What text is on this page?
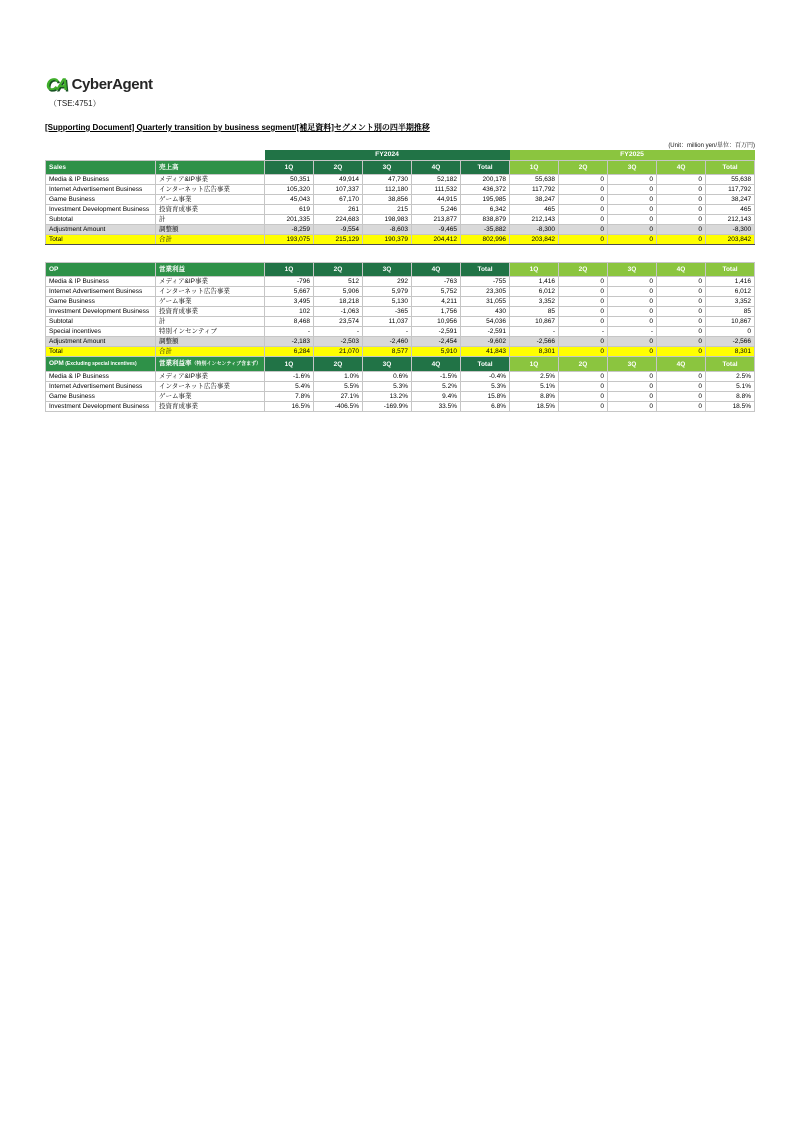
CA CyberAgent
（TSE:4751）
[Supporting Document] Quarterly transition by business segment/[補足資料]セグメント別の四半期推移
(Unit：million yen/単位：百万円)
		FY2024					FY2025				
Sales	売上高	1Q	2Q	3Q	4Q	Total	1Q	2Q	3Q	4Q	Total
Media & IP Business	メディア&IP事業	50,351	49,914	47,730	52,182	200,178	55,638	0	0	0	55,638
Internet Advertisement Business	インターネット広告事業	105,320	107,337	112,180	111,532	436,372	117,792	0	0	0	117,792
Game Business	ゲーム事業	45,043	67,170	38,856	44,915	195,985	38,247	0	0	0	38,247
Investment Development Business	投資育成事業	619	261	215	5,246	6,342	465	0	0	0	465
Subtotal	計	201,335	224,683	198,983	213,877	838,879	212,143	0	0	0	212,143
Adjustment Amount	調整額	-8,259	-9,554	-8,603	-9,465	-35,882	-8,300	0	0	0	-8,300
Total	合計	193,075	215,129	190,379	204,412	802,996	203,842	0	0	0	203,842
OP	営業利益	1Q	2Q	3Q	4Q	Total	1Q	2Q	3Q	4Q	Total
Media & IP Business	メディア&IP事業	-796	512	292	-763	-755	1,416	0	0	0	1,416
Internet Advertisement Business	インターネット広告事業	5,667	5,906	5,979	5,752	23,305	6,012	0	0	0	6,012
Game Business	ゲーム事業	3,495	18,218	5,130	4,211	31,055	3,352	0	0	0	3,352
Investment Development Business	投資育成事業	102	-1,063	-365	1,756	430	85	0	0	0	85
Subtotal	計	8,468	23,574	11,037	10,956	54,036	10,867	0	0	0	10,867
Special incentives	特別インセンティブ	-	-	-	-2,591	-2,591	-	-	-	0	0
Adjustment Amount	調整額	-2,183	-2,503	-2,460	-2,454	-9,602	-2,566	0	0	0	-2,566
Total	合計	6,284	21,070	8,577	5,910	41,843	8,301	0	0	0	8,301
OPM (Excluding special incentives)	営業利益率（特別インセンティブ含まず）	1Q	2Q	3Q	4Q	Total	1Q	2Q	3Q	4Q	Total
Media & IP Business	メディア&IP事業	-1.6%	1.0%	0.6%	-1.5%	-0.4%	2.5%	0	0	0	2.5%
Internet Advertisement Business	インターネット広告事業	5.4%	5.5%	5.3%	5.2%	5.3%	5.1%	0	0	0	5.1%
Game Business	ゲーム事業	7.8%	27.1%	13.2%	9.4%	15.8%	8.8%	0	0	0	8.8%
Investment Development Business	投資育成事業	16.5%	-406.5%	-169.9%	33.5%	6.8%	18.5%	0	0	0	18.5%
